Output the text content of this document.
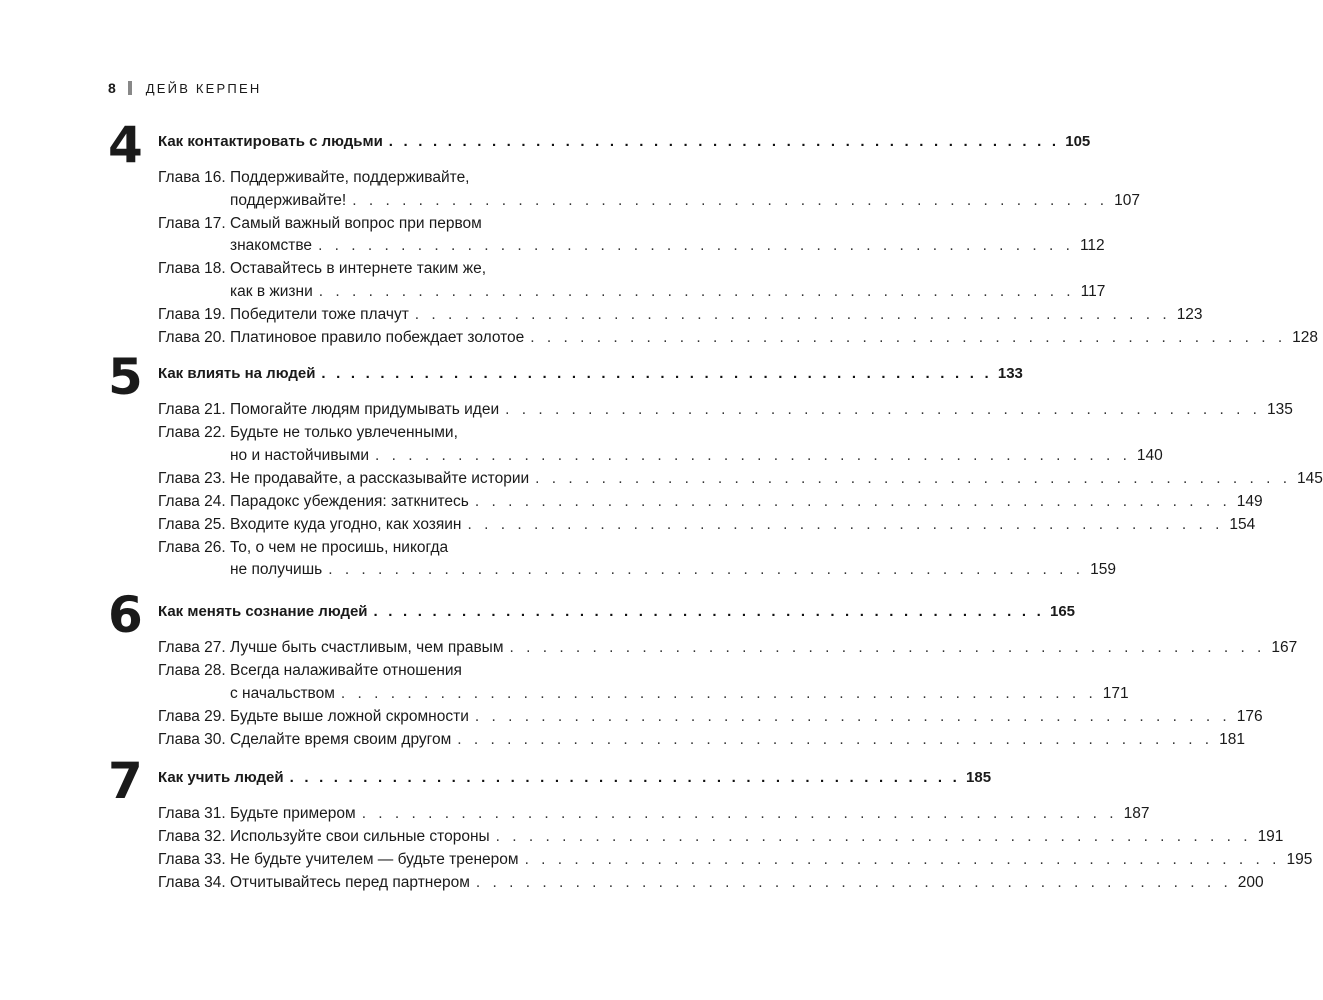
8 ДЕЙВ КЕРПЕН
4 Как контактировать с людьми . . . . . . . . . . . . . . . . . . . . . . . . . . . . . . . . . . . . . . . . . . . . . . 105
Глава 16. Поддерживайте, поддерживайте,
поддерживайте! . . . . . . . . . . . . . . . . . . . . . . . . . . . . . . . . . . . . . . . . . . . . . . 107
Глава 17. Самый важный вопрос при первом
знакомстве . . . . . . . . . . . . . . . . . . . . . . . . . . . . . . . . . . . . . . . . . . . . . . 112
Глава 18. Оставайтесь в интернете таким же,
как в жизни . . . . . . . . . . . . . . . . . . . . . . . . . . . . . . . . . . . . . . . . . . . . . . 117
Глава 19. Победители тоже плачут . . . . . . . . . . . . . . . . . . . . . . . . . . . . . . . . . . . . . . . . . . . . . . 123
Глава 20. Платиновое правило побеждает золотое . . . . . . . . . . . . . . . . . . . . . . . . . . . . . . . . . . . . . . . . . . . . . . 128
5 Как влиять на людей . . . . . . . . . . . . . . . . . . . . . . . . . . . . . . . . . . . . . . . . . . . . . . 133
Глава 21. Помогайте людям придумывать идеи . . . . . . . . . . . . . . . . . . . . . . . . . . . . . . . . . . . . . . . . . . . . . . 135
Глава 22. Будьте не только увлеченными,
но и настойчивыми . . . . . . . . . . . . . . . . . . . . . . . . . . . . . . . . . . . . . . . . . . . . . . 140
Глава 23. Не продавайте, а рассказывайте истории . . . . . . . . . . . . . . . . . . . . . . . . . . . . . . . . . . . . . . . . . . . . . . 145
Глава 24. Парадокс убеждения: заткнитесь . . . . . . . . . . . . . . . . . . . . . . . . . . . . . . . . . . . . . . . . . . . . . . 149
Глава 25. Входите куда угодно, как хозяин . . . . . . . . . . . . . . . . . . . . . . . . . . . . . . . . . . . . . . . . . . . . . . 154
Глава 26. То, о чем не просишь, никогда
не получишь . . . . . . . . . . . . . . . . . . . . . . . . . . . . . . . . . . . . . . . . . . . . . . 159
6 Как менять сознание людей . . . . . . . . . . . . . . . . . . . . . . . . . . . . . . . . . . . . . . . . . . . . . . 165
Глава 27. Лучше быть счастливым, чем правым . . . . . . . . . . . . . . . . . . . . . . . . . . . . . . . . . . . . . . . . . . . . . . 167
Глава 28. Всегда налаживайте отношения
с начальством . . . . . . . . . . . . . . . . . . . . . . . . . . . . . . . . . . . . . . . . . . . . . . 171
Глава 29. Будьте выше ложной скромности . . . . . . . . . . . . . . . . . . . . . . . . . . . . . . . . . . . . . . . . . . . . . . 176
Глава 30. Сделайте время своим другом . . . . . . . . . . . . . . . . . . . . . . . . . . . . . . . . . . . . . . . . . . . . . . 181
7 Как учить людей . . . . . . . . . . . . . . . . . . . . . . . . . . . . . . . . . . . . . . . . . . . . . . 185
Глава 31. Будьте примером . . . . . . . . . . . . . . . . . . . . . . . . . . . . . . . . . . . . . . . . . . . . . . 187
Глава 32. Используйте свои сильные стороны . . . . . . . . . . . . . . . . . . . . . . . . . . . . . . . . . . . . . . . . . . . . . . 191
Глава 33. Не будьте учителем — будьте тренером . . . . . . . . . . . . . . . . . . . . . . . . . . . . . . . . . . . . . . . . . . . . . . 195
Глава 34. Отчитывайтесь перед партнером . . . . . . . . . . . . . . . . . . . . . . . . . . . . . . . . . . . . . . . . . . . . . . 200
